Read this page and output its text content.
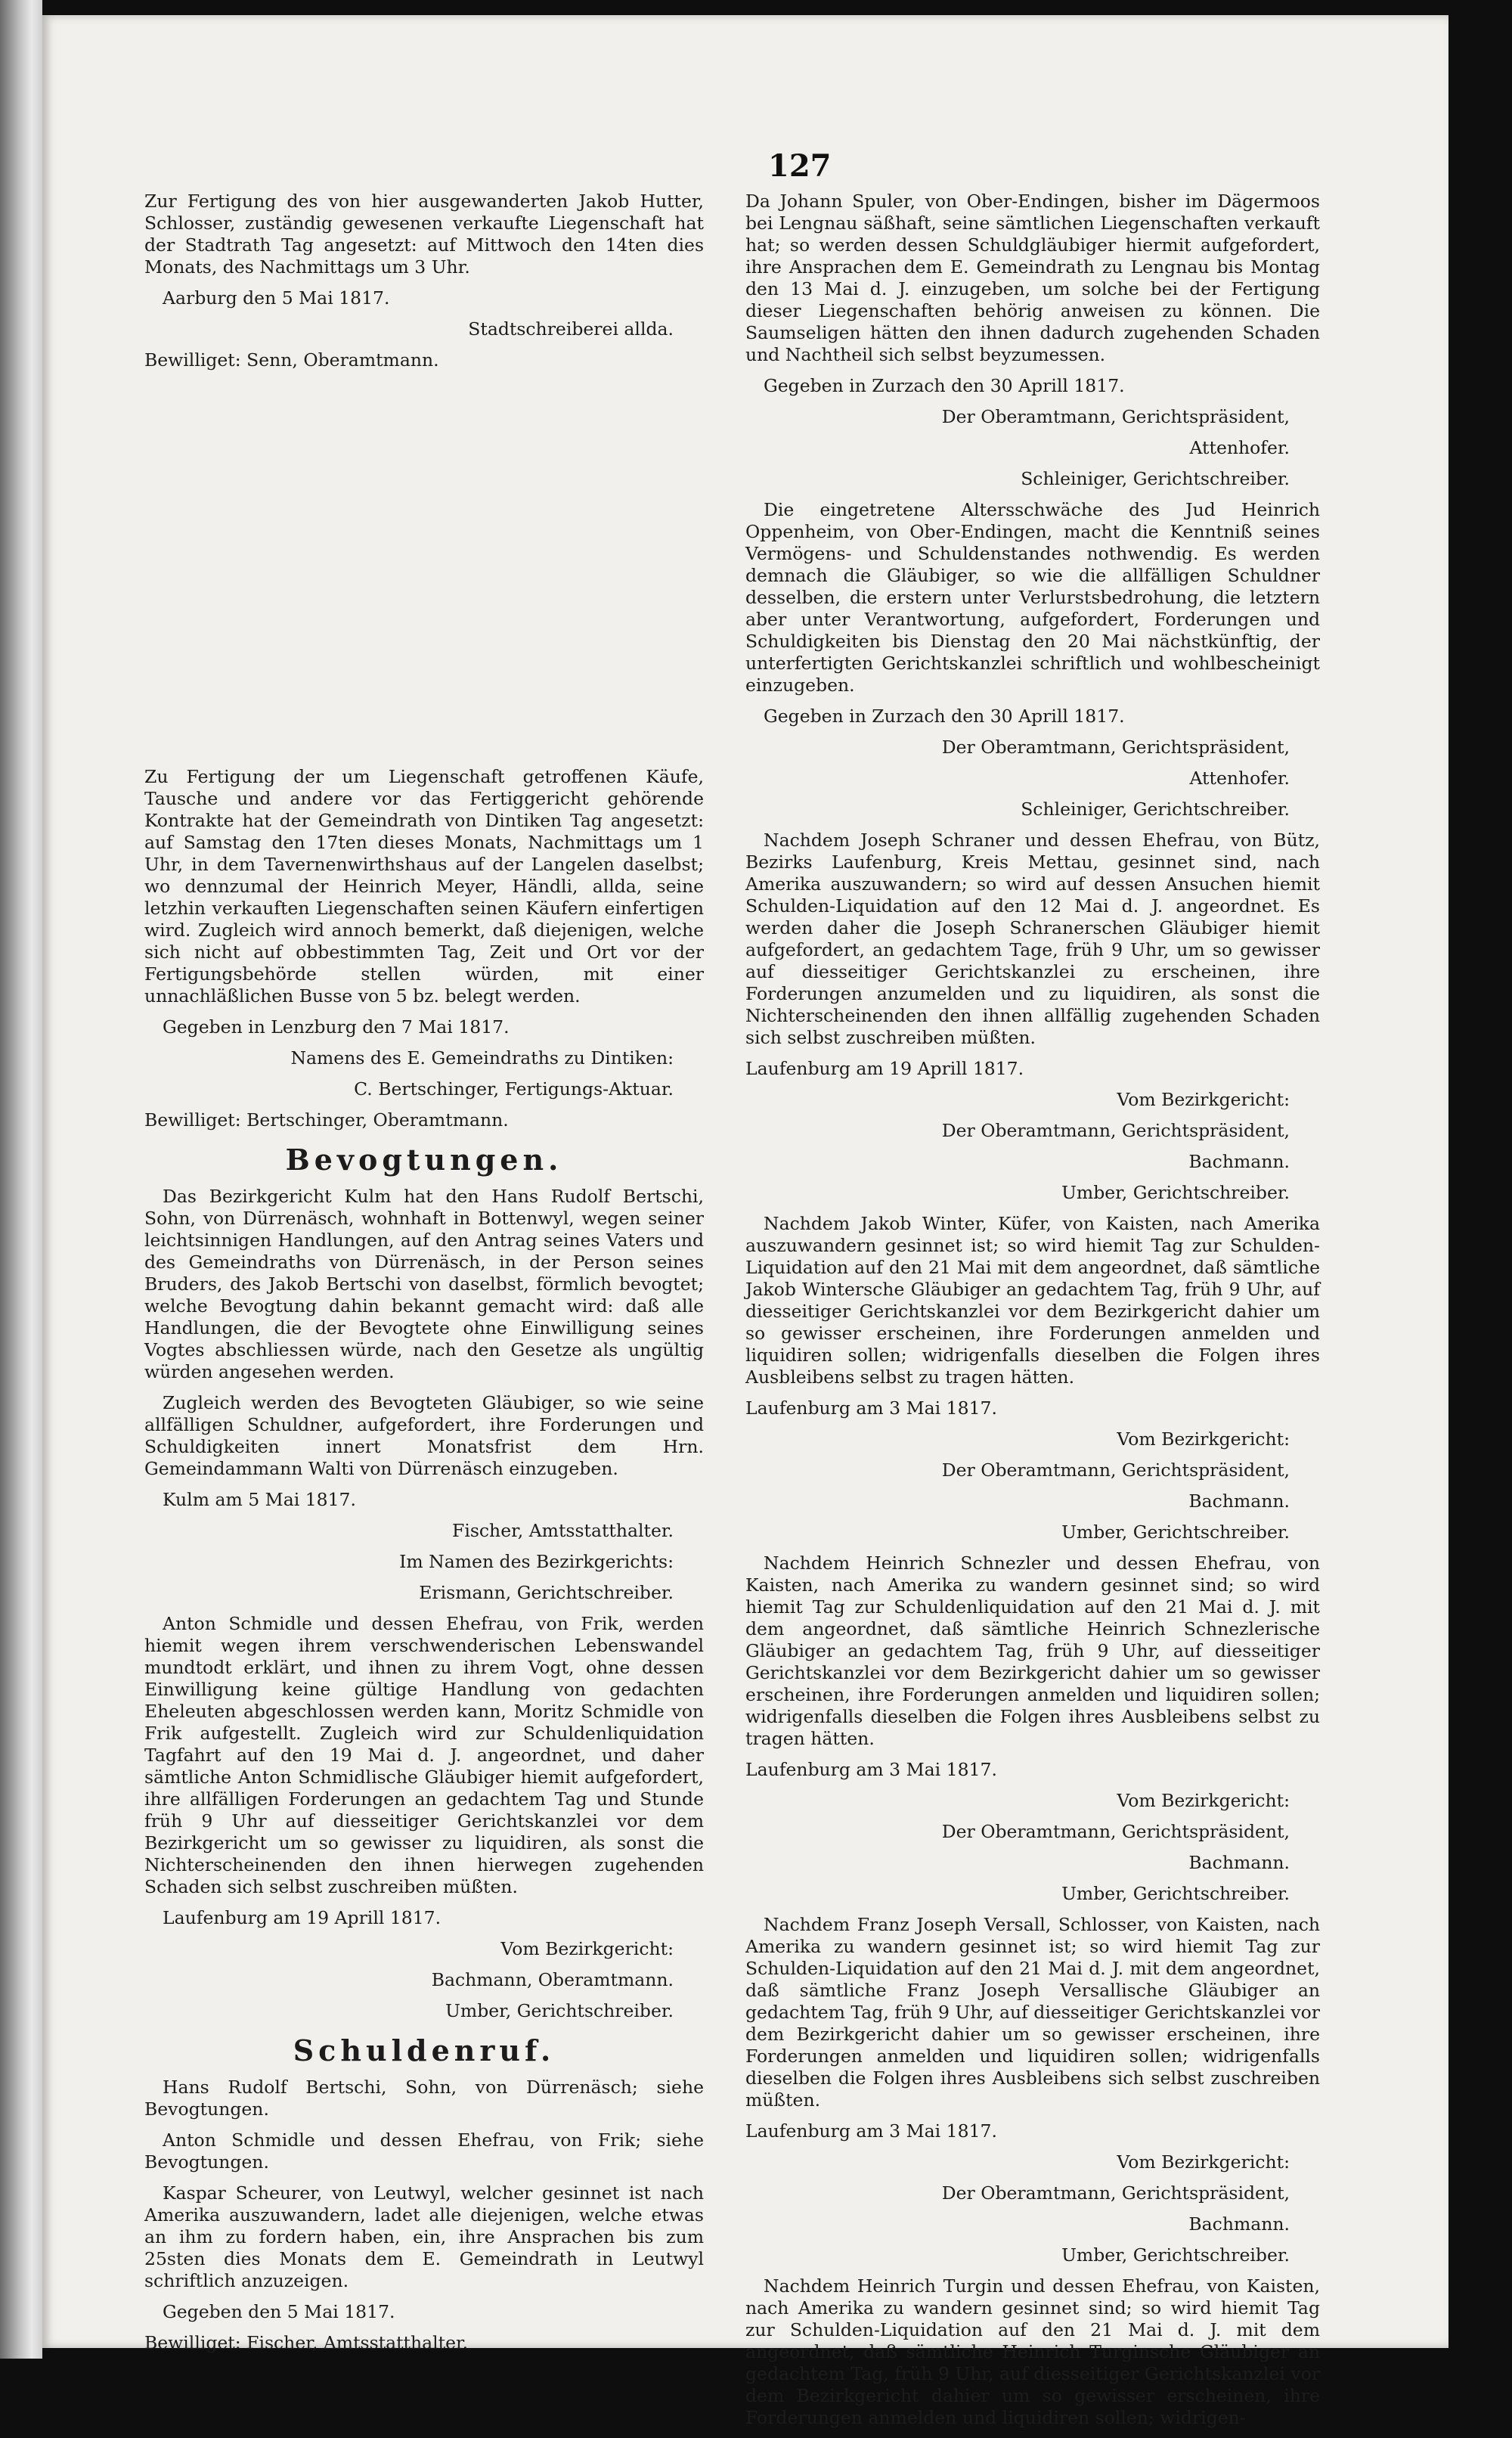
127

Zur Fertigung des von hier ausgewanderten Jakob Hutter, Schlosser, zuständig gewesenen verkaufte Liegenschaft hat der Stadtrath Tag angesetzt: auf Mittwoch den 14ten dies Monats, des Nachmittags um 3 Uhr.

Aarburg den 5 Mai 1817.

Stadtschreiberei allda.

Bewilliget: Senn, Oberamtmann.

Zu Fertigung der um Liegenschaft getroffenen Käufe, Tausche und andere vor das Fertiggericht gehörende Kontrakte hat der Gemeindrath von Dintiken Tag angesetzt: auf Samstag den 17ten dieses Monats, Nachmittags um 1 Uhr, in dem Tavernenwirthshaus auf der Langelen daselbst; wo dennzumal der Heinrich Meyer, Händli, allda, seine letzhin verkauften Liegenschaften seinen Käufern einfertigen wird. Zugleich wird annoch bemerkt, daß diejenigen, welche sich nicht auf obbestimmten Tag, Zeit und Ort vor der Fertigungsbehörde stellen würden, mit einer unnachläßlichen Busse von 5 bz. belegt werden.

Gegeben in Lenzburg den 7 Mai 1817.

Namens des E. Gemeindraths zu Dintiken:

C. Bertschinger, Fertigungs-Aktuar.

Bewilliget: Bertschinger, Oberamtmann.

Bevogtungen.

Das Bezirkgericht Kulm hat den Hans Rudolf Bertschi, Sohn, von Dürrenäsch, wohnhaft in Bottenwyl, wegen seiner leichtsinnigen Handlungen, auf den Antrag seines Vaters und des Gemeindraths von Dürrenäsch, in der Person seines Bruders, des Jakob Bertschi von daselbst, förmlich bevogtet; welche Bevogtung dahin bekannt gemacht wird: daß alle Handlungen, die der Bevogtete ohne Einwilligung seines Vogtes abschliessen würde, nach den Gesetze als ungültig würden angesehen werden.

Zugleich werden des Bevogteten Gläubiger, so wie seine allfälligen Schuldner, aufgefordert, ihre Forderungen und Schuldigkeiten innert Monatsfrist dem Hrn. Gemeindammann Walti von Dürrenäsch einzugeben.

Kulm am 5 Mai 1817.

Fischer, Amtsstatthalter.

Im Namen des Bezirkgerichts:

Erismann, Gerichtschreiber.

Anton Schmidle und dessen Ehefrau, von Frik, werden hiemit wegen ihrem verschwenderischen Lebenswandel mundtodt erklärt, und ihnen zu ihrem Vogt, ohne dessen Einwilligung keine gültige Handlung von gedachten Eheleuten abgeschlossen werden kann, Moritz Schmidle von Frik aufgestellt. Zugleich wird zur Schuldenliquidation Tagfahrt auf den 19 Mai d. J. angeordnet, und daher sämtliche Anton Schmidlische Gläubiger hiemit aufgefordert, ihre allfälligen Forderungen an gedachtem Tag und Stunde früh 9 Uhr auf diesseitiger Gerichtskanzlei vor dem Bezirkgericht um so gewisser zu liquidiren, als sonst die Nichterscheinenden den ihnen hierwegen zugehenden Schaden sich selbst zuschreiben müßten.

Laufenburg am 19 Aprill 1817.

Vom Bezirkgericht:

Bachmann, Oberamtmann.

Umber, Gerichtschreiber.

Schuldenruf.

Hans Rudolf Bertschi, Sohn, von Dürrenäsch; siehe Bevogtungen.

Anton Schmidle und dessen Ehefrau, von Frik; siehe Bevogtungen.

Kaspar Scheurer, von Leutwyl, welcher gesinnet ist nach Amerika auszuwandern, ladet alle diejenigen, welche etwas an ihm zu fordern haben, ein, ihre Ansprachen bis zum 25sten dies Monats dem E. Gemeindrath in Leutwyl schriftlich anzuzeigen.

Gegeben den 5 Mai 1817.

Bewilliget: Fischer, Amtsstatthalter.

Da Johann Spuler, von Ober-Endingen, bisher im Dägermoos bei Lengnau säßhaft, seine sämtlichen Liegenschaften verkauft hat; so werden dessen Schuldgläubiger hiermit aufgefordert, ihre Ansprachen dem E. Gemeindrath zu Lengnau bis Montag den 13 Mai d. J. einzugeben, um solche bei der Fertigung dieser Liegenschaften behörig anweisen zu können. Die Saumseligen hätten den ihnen dadurch zugehenden Schaden und Nachtheil sich selbst beyzumessen.

Gegeben in Zurzach den 30 Aprill 1817.

Der Oberamtmann, Gerichtspräsident,

Attenhofer.

Schleiniger, Gerichtschreiber.

Die eingetretene Altersschwäche des Jud Heinrich Oppenheim, von Ober-Endingen, macht die Kenntniß seines Vermögens- und Schuldenstandes nothwendig. Es werden demnach die Gläubiger, so wie die allfälligen Schuldner desselben, die erstern unter Verlurstsbedrohung, die letztern aber unter Verantwortung, aufgefordert, Forderungen und Schuldigkeiten bis Dienstag den 20 Mai nächstkünftig, der unterfertigten Gerichtskanzlei schriftlich und wohlbescheinigt einzugeben.

Gegeben in Zurzach den 30 Aprill 1817.

Der Oberamtmann, Gerichtspräsident,

Attenhofer.

Schleiniger, Gerichtschreiber.

Nachdem Joseph Schraner und dessen Ehefrau, von Bütz, Bezirks Laufenburg, Kreis Mettau, gesinnet sind, nach Amerika auszuwandern; so wird auf dessen Ansuchen hiemit Schulden-Liquidation auf den 12 Mai d. J. angeordnet. Es werden daher die Joseph Schranerschen Gläubiger hiemit aufgefordert, an gedachtem Tage, früh 9 Uhr, um so gewisser auf diesseitiger Gerichtskanzlei zu erscheinen, ihre Forderungen anzumelden und zu liquidiren, als sonst die Nichterscheinenden den ihnen allfällig zugehenden Schaden sich selbst zuschreiben müßten.

Laufenburg am 19 Aprill 1817.

Vom Bezirkgericht:

Der Oberamtmann, Gerichtspräsident,

Bachmann.

Umber, Gerichtschreiber.

Nachdem Jakob Winter, Küfer, von Kaisten, nach Amerika auszuwandern gesinnet ist; so wird hiemit Tag zur Schulden-Liquidation auf den 21 Mai mit dem angeordnet, daß sämtliche Jakob Wintersche Gläubiger an gedachtem Tag, früh 9 Uhr, auf diesseitiger Gerichtskanzlei vor dem Bezirkgericht dahier um so gewisser erscheinen, ihre Forderungen anmelden und liquidiren sollen; widrigenfalls dieselben die Folgen ihres Ausbleibens selbst zu tragen hätten.

Laufenburg am 3 Mai 1817.

Vom Bezirkgericht:

Der Oberamtmann, Gerichtspräsident,

Bachmann.

Umber, Gerichtschreiber.

Nachdem Heinrich Schnezler und dessen Ehefrau, von Kaisten, nach Amerika zu wandern gesinnet sind; so wird hiemit Tag zur Schuldenliquidation auf den 21 Mai d. J. mit dem angeordnet, daß sämtliche Heinrich Schnezlerische Gläubiger an gedachtem Tag, früh 9 Uhr, auf diesseitiger Gerichtskanzlei vor dem Bezirkgericht dahier um so gewisser erscheinen, ihre Forderungen anmelden und liquidiren sollen; widrigenfalls dieselben die Folgen ihres Ausbleibens selbst zu tragen hätten.

Laufenburg am 3 Mai 1817.

Vom Bezirkgericht:

Der Oberamtmann, Gerichtspräsident,

Bachmann.

Umber, Gerichtschreiber.

Nachdem Franz Joseph Versall, Schlosser, von Kaisten, nach Amerika zu wandern gesinnet ist; so wird hiemit Tag zur Schulden-Liquidation auf den 21 Mai d. J. mit dem angeordnet, daß sämtliche Franz Joseph Versallische Gläubiger an gedachtem Tag, früh 9 Uhr, auf diesseitiger Gerichtskanzlei vor dem Bezirkgericht dahier um so gewisser erscheinen, ihre Forderungen anmelden und liquidiren sollen; widrigenfalls dieselben die Folgen ihres Ausbleibens sich selbst zuschreiben müßten.

Laufenburg am 3 Mai 1817.

Vom Bezirkgericht:

Der Oberamtmann, Gerichtspräsident,

Bachmann.

Umber, Gerichtschreiber.

Nachdem Heinrich Turgin und dessen Ehefrau, von Kaisten, nach Amerika zu wandern gesinnet sind; so wird hiemit Tag zur Schulden-Liquidation auf den 21 Mai d. J. mit dem angeordnet, daß sämtliche Heinrich Turginsche Gläubiger an gedachtem Tag, früh 9 Uhr, auf diesseitiger Gerichtskanzlei vor dem Bezirkgericht dahier um so gewisser erscheinen, ihre Forderungen anmelden und liquidiren sollen; widrigen-
